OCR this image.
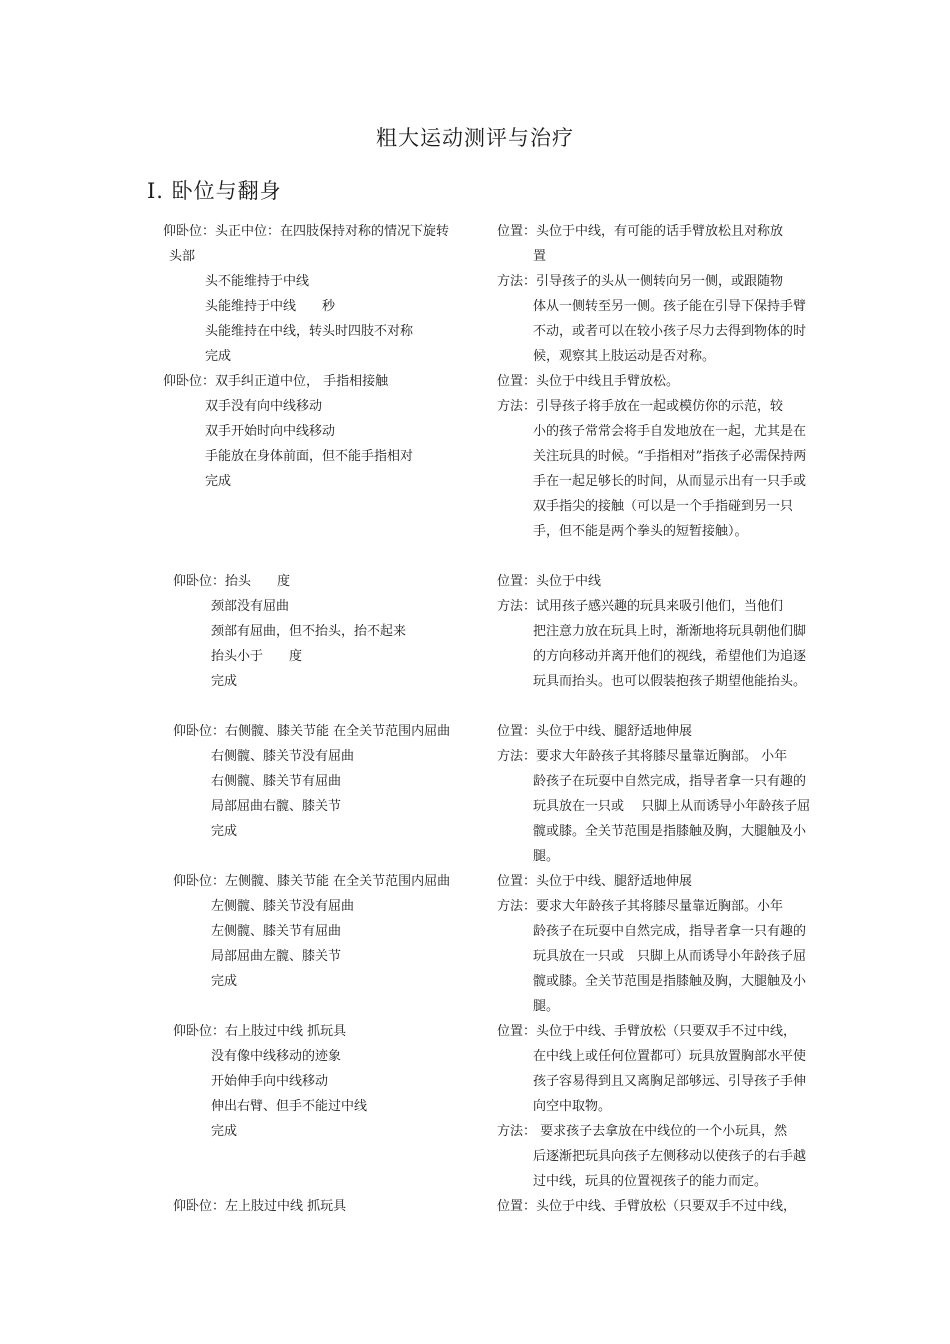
粗大运动测评与治疗
Ⅰ. 卧位与翻身
仰卧位：头正中位：在四肢保持对称的情况下旋转
头部
头不能维持于中线
头能维持于中线　　秒
头能维持在中线，转头时四肢不对称
完成
位置：头位于中线，有可能的话手臂放松且对称放
置
方法：引导孩子的头从一侧转向另一侧，或跟随物
体从一侧转至另一侧。孩子能在引导下保持手臂不动，或者可以在较小孩子尽力去得到物体的时候，观察其上肢运动是否对称。
仰卧位：双手纠正道中位， 手指相接触
双手没有向中线移动
双手开始时向中线移动
手能放在身体前面，但不能手指相对
完成
位置：头位于中线且手臂放松。
方法：引导孩子将手放在一起或模仿你的示范，较
小的孩子常常会将手自发地放在一起，尤其是在关注玩具的时候。“手指相对”指孩子必需保持两手在一起足够长的时间，从而显示出有一只手或双手指尖的接触（可以是一个手指碰到另一只手，但不能是两个拳头的短暂接触）。
仰卧位：抬头　　度
颈部没有屈曲
颈部有屈曲，但不抬头，抬不起来
抬头小于　　度
完成
位置：头位于中线
方法：试用孩子感兴趣的玩具来吸引他们，当他们
把注意力放在玩具上时，渐渐地将玩具朝他们脚的方向移动并离开他们的视线，希望他们为追逐玩具而抬头。也可以假装抱孩子期望他能抬头。
仰卧位：右侧髋、膝关节能 在全关节范围内屈曲
右侧髋、膝关节没有屈曲
右侧髋、膝关节有屈曲
局部屈曲右髋、膝关节
完成
位置：头位于中线、腿舒适地伸展
方法：要求大年龄孩子其将膝尽量靠近胸部。 小年
龄孩子在玩耍中自然完成，指导者拿一只有趣的玩具放在一只或　 只脚上从而诱导小年龄孩子屈髋或膝。全关节范围是指膝触及胸，大腿触及小腿。
仰卧位：左侧髋、膝关节能 在全关节范围内屈曲
左侧髋、膝关节没有屈曲
左侧髋、膝关节有屈曲
局部屈曲左髋、膝关节
完成
位置：头位于中线、腿舒适地伸展
方法：要求大年龄孩子其将膝尽量靠近胸部。小年
龄孩子在玩耍中自然完成，指导者拿一只有趣的玩具放在一只或　只脚上从而诱导小年龄孩子屈髋或膝。全关节范围是指膝触及胸，大腿触及小腿。
仰卧位：右上肢过中线 抓玩具
没有像中线移动的迹象
开始伸手向中线移动
伸出右臂、但手不能过中线
完成
位置：头位于中线、手臂放松（只要双手不过中线，
在中线上或任何位置都可）玩具放置胸部水平使孩子容易得到且又离胸足部够远、引导孩子手伸向空中取物。
方法： 要求孩子去拿放在中线位的一个小玩具，然
后逐渐把玩具向孩子左侧移动以使孩子的右手越过中线，玩具的位置视孩子的能力而定。
仰卧位：左上肢过中线 抓玩具	位置：头位于中线、手臂放松（只要双手不过中线，
